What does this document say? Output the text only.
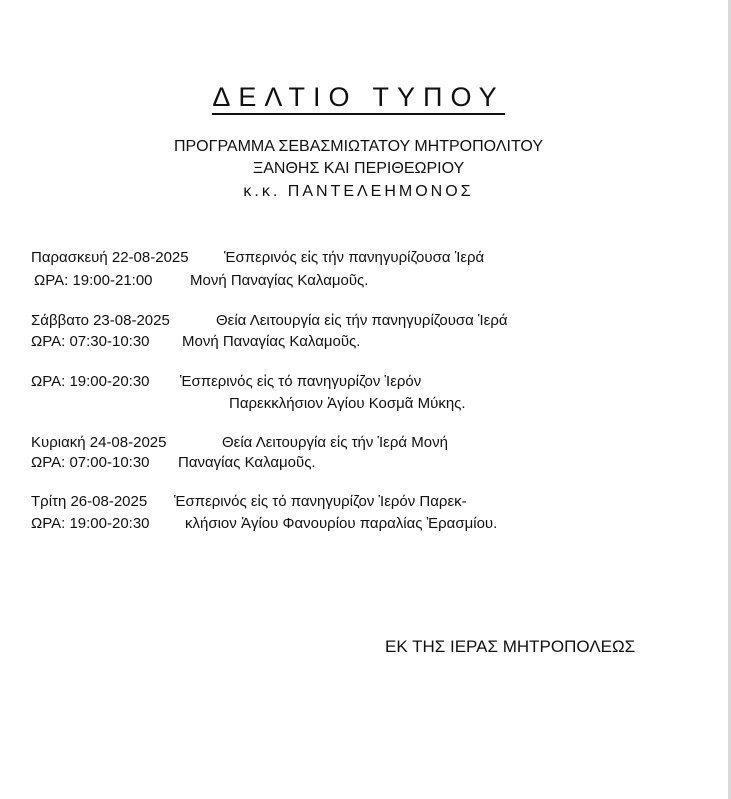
ΔΕΛΤΙΟ ΤΥΠΟΥ
ΠΡΟΓΡΑΜΜΑ ΣΕΒΑΣΜΙΩΤΑΤΟΥ ΜΗΤΡΟΠΟΛΙΤΟΥ
ΞΑΝΘΗΣ ΚΑΙ ΠΕΡΙΘΕΩΡΙΟΥ
κ.κ. ΠΑΝΤΕΛΕΗΜΟΝΟΣ
Παρασκευή 22-08-2025 Ἑσπερινός εἰς τήν πανηγυρίζουσα Ἱερά
ΩΡΑ: 19:00-21:00 Μονή Παναγίας Καλαμοῦς.
Σάββατο 23-08-2025	Θεία Λειτουργία εἰς τήν πανηγυρίζουσα Ἱερά
ΩΡΑ: 07:30-10:30 Μονή Παναγίας Καλαμοῦς.
ΩΡΑ: 19:00-20:30 Ἑσπερινός εἰς τό πανηγυρίζον Ἱερόν
Παρεκκλήσιον Ἁγίου Κοσμᾶ Μύκης.
Κυριακή 24-08-2025	Θεία Λειτουργία εἰς τήν Ἱερά Μονή
ΩΡΑ: 07:00-10:30 Παναγίας Καλαμοῦς.
Τρίτη 26-08-2025 Ἑσπερινός εἰς τό πανηγυρίζον Ἱερόν Παρεκ-
ΩΡΑ: 19:00-20:30 κλήσιον Ἁγίου Φανουρίου παραλίας Ἐρασμίου.
ΕΚ ΤΗΣ ΙΕΡΑΣ ΜΗΤΡΟΠΟΛΕΩΣ
